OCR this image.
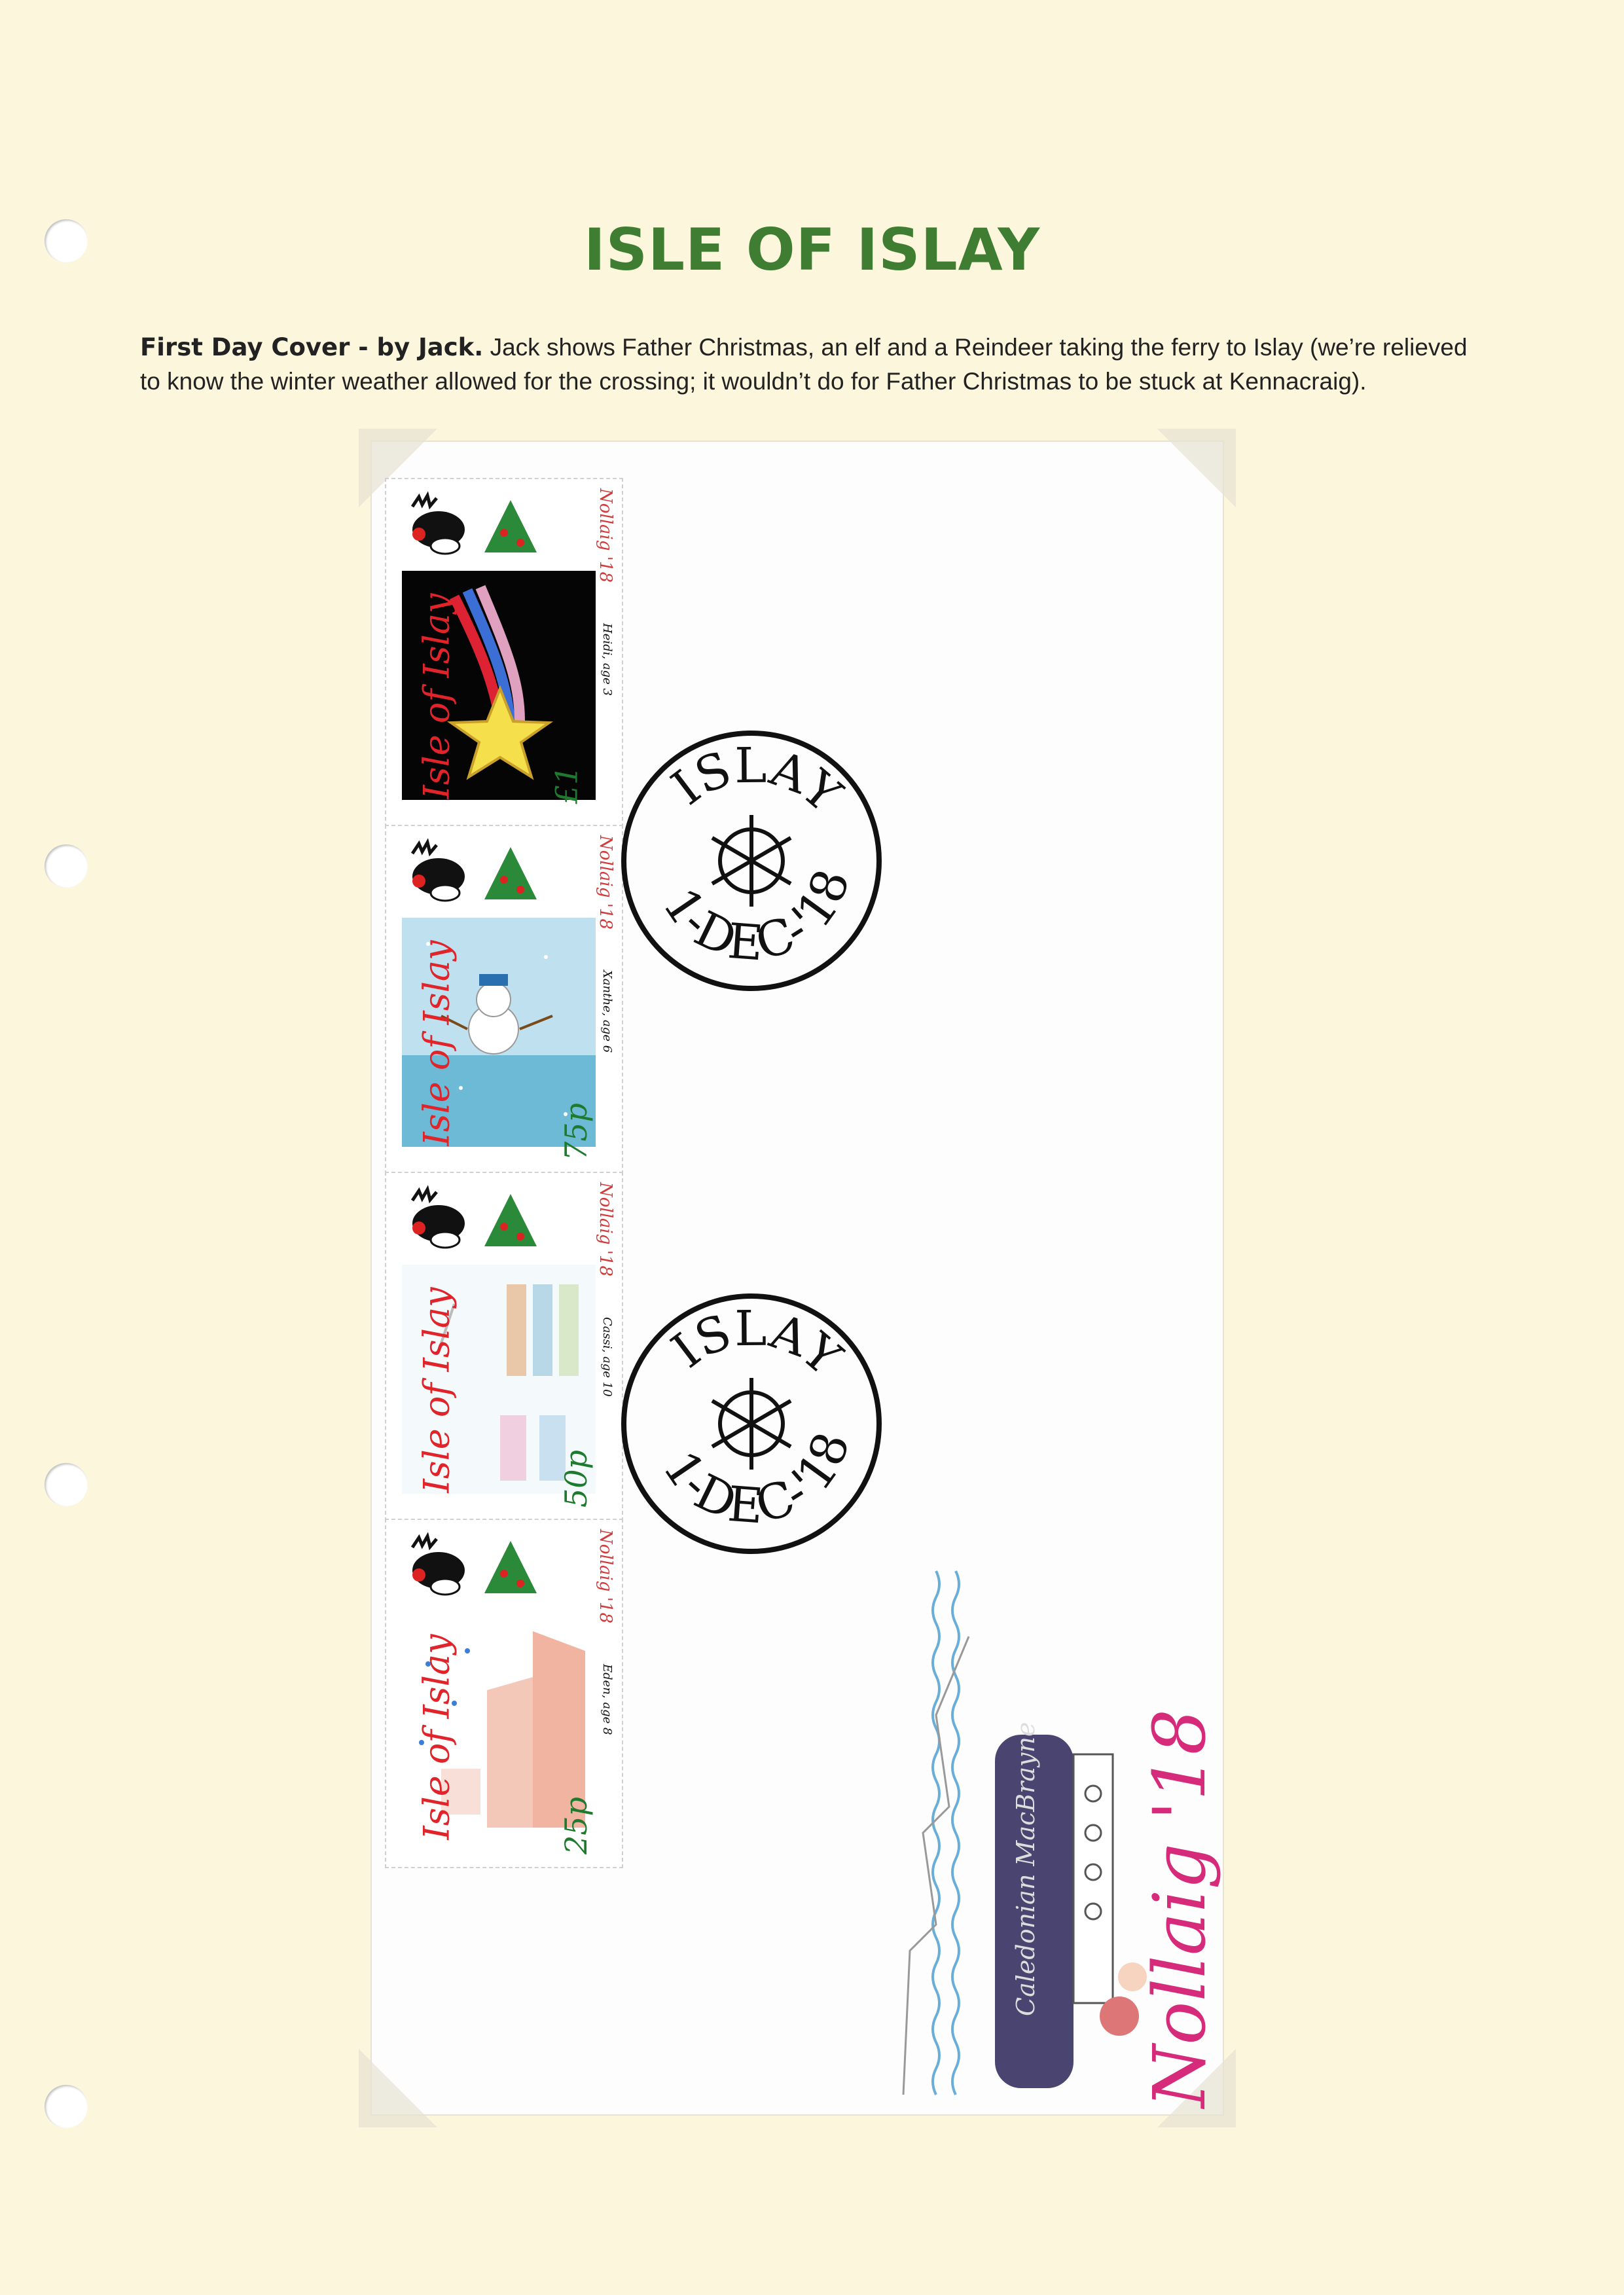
ISLE OF ISLAY
First Day Cover - by Jack. Jack shows Father Christmas, an elf and a Reindeer taking the ferry to Islay (we’re relieved to know the winter weather allowed for the crossing; it wouldn’t do for Father Christmas to be stuck at Kennacraig).
Nollaig '18
Heidi, age 3
Isle of Islay	£1
Nollaig '18
Xanthe, age 6
Isle of Islay	75p
Nollaig '18
Cassi, age 10
Isle of Islay	50p
Nollaig '18
Eden, age 8
Isle of Islay	25p
ISLAY
1-DEC-'18
ISLAY
1-DEC-'18
Caledonian MacBrayne Nollaig '18
